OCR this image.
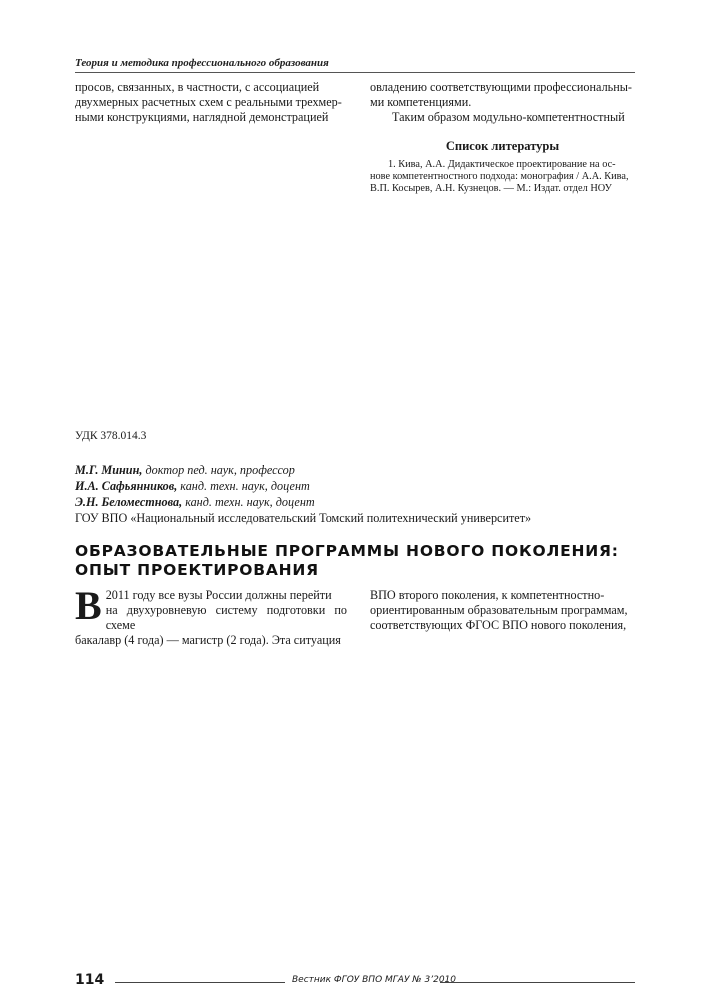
Теория и методика профессионального образования

просов, связанных, в частности, с ассоциацией

двухмерных расчетных схем с реальными трехмер-

ными конструкциями, наглядной демонстрацией

овладению соответствующими профессиональны-

ми компетенциями.

Таким образом модульно-компетентностный

Список литературы

1. Кива, А.А. Дидактическое проектирование на ос-

нове компетентностного подхода: монография / А.А. Кива,

В.П. Косырев, А.Н. Кузнецов. — М.: Издат. отдел НОУ

УДК 378.014.3
М.Г. Минин, доктор пед. наук, профессор
И.А. Сафьянников, канд. техн. наук, доцент
Э.Н. Беломестнова, канд. техн. наук, доцент
ГОУ ВПО «Национальный исследовательский Томский политехнический университет»
ОБРАЗОВАТЕЛЬНЫЕ ПРОГРАММЫ НОВОГО ПОКОЛЕНИЯ:
ОПЫТ ПРОЕКТИРОВАНИЯ
В 2011 году все вузы России должны перейти

на двухуровневую систему подготовки по схеме

бакалавр (4 года) — магистр (2 года). Эта ситуация

ВПО второго поколения, к компетентностно-

ориентированным образовательным программам,

соответствующих ФГОС ВПО нового поколения,

114	Вестник ФГОУ ВПО МГАУ № 3’2010
